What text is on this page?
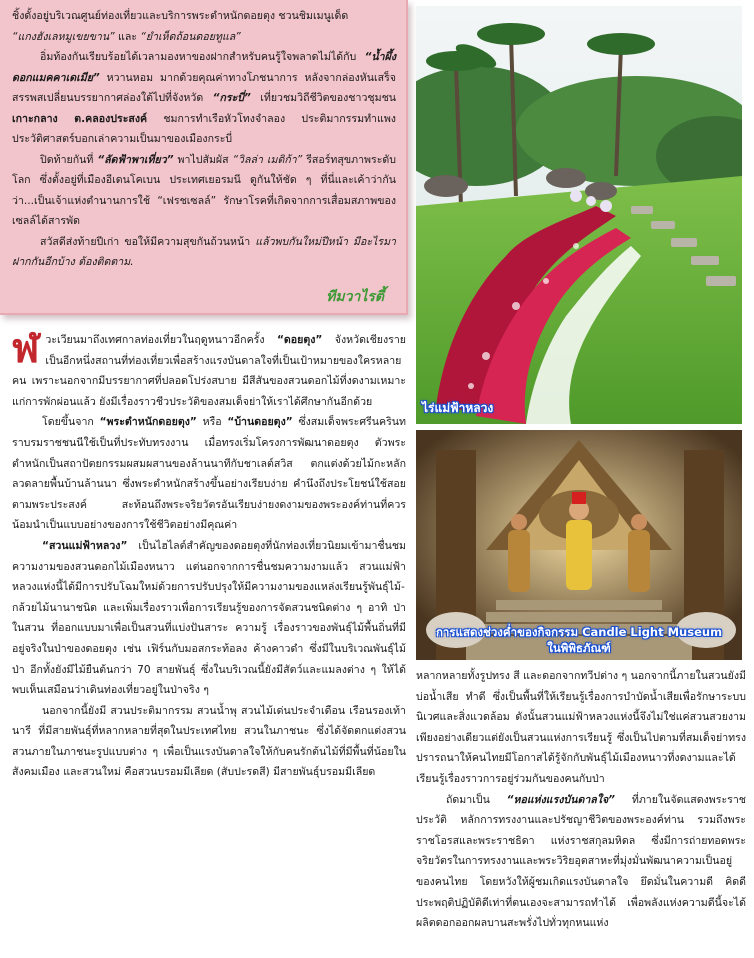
ชิ้งดั้งอยู่บริเวณศูนย์ท่องเที่ยวและบริการพระตำหนักดอยตุง ชวนชิมเมนูเด็ด
“แกงฮังเลหมูเขยขาน” และ “ยำเห็ดถ้อนดอยทูแล”

อิ่มท้องกันเรียบร้อยได้เวลามองหาของฝากสำหรับคนรู้ใจพลาดไม่ได้กับ “น้ำผึ้งดอกแมคคาเดเมีย” หวานหอม มากด้วยคุณค่าทางโภชนาการ หลังจากล่องหันเสร็จสรรพสเปลี่ยนบรรยากาศล่องใต้ไปที่จังหวัด “กระบี่” เที่ยวชมวิถีชีวิตของชาวชุมชน เกาะกลาง ต.คลองประสงค์ ชมการทำเรือหัวโทงจำลอง ประติมากรรมทำแพงประวัติศาสตร์บอกเล่าความเป็นมาของเมืองกระบี่

ปิดท้ายกันที่ “ลัดฟ้าพาเที่ยว” พาไปสัมผัส “วิลล่า เมดิก้า” รีสอร์ทสุขภาพระดับโลก ซึ่งตั้งอยู่ที่เมืองอีเดนโคเบน ประเทศเยอรมนี ดูกันให้ชัด ๆ ที่นี่และเค้าว่ากันว่า...เป็นเจ้าแห่งตำนานการใช้ “เฟรชเซลล์” รักษาโรคที่เกิดจากการเสื่อมสภาพของเซลล์ได้สารพัด

สวัสดีส่งท้ายปีเก่า ขอให้มีความสุขกันถ้วนหน้า แล้วพบกันใหม่ปีหน้า มีอะไรมาฝากกันอีกบ้าง ต้องติดตาม.

ทีมวาไรตี้

ฬวะเวียนมาถึงเทศกาลท่องเที่ยวในฤดูหนาวอีกครั้ง “ดอยตุง” จังหวัดเชียงราย เป็นอีกหนึ่งสถานที่ท่องเที่ยวเพื่อสร้างแรงบันดาลใจที่เป็นเป้าหมายของใครหลายคน เพราะนอกจากมีบรรยากาศที่ปลอดโปร่งสบาย มีสีสันของสวนดอกไม้ที่งดงามเหมาะแก่การพักผ่อนแล้ว ยังมีเรื่องราวชีวประวัติของสมเด็จย่าให้เราได้ศึกษากันอีกด้วย

โดยขึ้นจาก “พระตำหนักดอยตุง” หรือ “บ้านดอยตุง” ซึ่งสมเด็จพระศรีนครินทราบรมราชชนนีใช้เป็นที่ประทับทรงงาน เมื่อทรงเริ่มโครงการพัฒนาดอยตุง ตัวพระตำหนักเป็นสถาปัตยกรรมผสมผสานของล้านนาทีกับชาเลต์สวิส ตกแต่งด้วยไม้กะหลักลวดลายพื้นบ้านล้านนา ซึ่งพระตำหนักสร้างขึ้นอย่างเรียบง่าย คำนึงถึงประโยชน์ใช้สอยตามพระประสงค์ สะท้อนถึงพระจริยวัตรอันเรียบง่ายงดงามของพระองค์ท่านที่ควรน้อมนำเป็นแบบอย่างของการใช้ชีวิตอย่างมีคุณค่า

“สวนแม่ฟ้าหลวง” เป็นไฮไลต์สำคัญของดอยตุงที่นักท่องเที่ยวนิยมเข้ามาชื่นชมความงามของสวนดอกไม้เมืองหนาว แต่นอกจากการชื่นชมความงามแล้ว สวนแม่ฟ้าหลวงแห่งนี้ได้มีการปรับโฉมใหม่ด้วยการปรับปรุงให้มีความงามของแหล่งเรียนรู้พันธุ์ไม้-กล้วยไม้นานาชนิด และเพิ่มเรื่องราวเพื่อการเรียนรู้ของการจัดสวนชนิดต่าง ๆ อาทิ ป่าในสวน ที่ออกแบบมาเพื่อเป็นสวนที่แบ่งปันสาระ ความรู้ เรื่องราวของพันธุ์ไม้พื้นถิ่นที่มีอยู่จริงในป่าของดอยตุง เช่น เฟิร์นกับมอสกระท้อลง ค้างคาวดำ ซึ่งมีในบริเวณพันธุ์ไม้ป่า อีกทั้งยังมีไม้ยืนต้นกว่า 70 สายพันธุ์ ซึ่งในบริเวณนี้ยังมีสัตว์และแมลงต่าง ๆ ให้ได้พบเห็นเสมือนว่าเดินท่องเที่ยวอยู่ในป่าจริง ๆ

นอกจากนี้ยังมี สวนประติมากรรม สวนน้ำพุ สวนไม้เด่นประจำเดือน เรือนรองเท้านารี ที่มีสายพันธุ์ที่หลากหลายที่สุดในประเทศไทย สวนในภาชนะ ซึ่งได้จัดตกแต่งสวนสวนภายในภาชนะรูปแบบต่าง ๆ เพื่อเป็นแรงบันดาลใจให้กับคนรักต้นไม้ที่มีพื้นที่น้อยในสังคมเมือง และสวนใหม่ คือสวนบรอมมีเลียด (สับปะรดสี) มีสายพันธุ์บรอมมีเลียด

ไร่แม่ฟ้าหลวง
การแสดงช่วงค่ำของกิจกรรม Candle Light Museum
ในพิพิธภัณฑ์

หลากหลายทั้งรูปทรง สี และดอกจากทวีปต่าง ๆ นอกจากนี้ภายในสวนยังมีบ่อน้ำเสีย ทำดี ซึ่งเป็นพื้นที่ให้เรียนรู้เรื่องการบำบัดน้ำเสียเพื่อรักษาระบบนิเวศและสิ่งแวดล้อม ดังนั้นสวนแม่ฟ้าหลวงแห่งนี้จึงไม่ใช่แค่สวนสวยงามเพียงอย่างเดียวแต่ยังเป็นสวนแห่งการเรียนรู้ ซึ่งเป็นไปตามที่สมเด็จย่าทรงปรารถนาให้คนไทยมีโอกาสได้รู้จักกับพันธุ์ไม้เมืองหนาวที่งดงามและได้เรียนรู้เรื่องราวการอยู่ร่วมกันของคนกับป่า

ถัดมาเป็น “หอแห่งแรงบันดาลใจ” ที่ภายในจัดแสดงพระราชประวัติ หลักการทรงงานและปรัชญาชีวิตของพระองค์ท่าน รวมถึงพระราชโอรสและพระราชธิดา แห่งราชสกุลมหิดล ซึ่งมีการถ่ายทอดพระจริยวัตรในการทรงงานและพระวิริยอุตสาหะที่มุ่งมั่นพัฒนาความเป็นอยู่ของคนไทย โดยหวังให้ผู้ชมเกิดแรงบันดาลใจ ยึดมั่นในความดี คิดดี ประพฤติปฏิบัติดีเท่าที่ตนเองจะสามารถทำได้ เพื่อพลังแห่งความดีนี้จะได้ผลิตดอกออกผลบานสะพรั่งไปทั่วทุกหนแห่ง
